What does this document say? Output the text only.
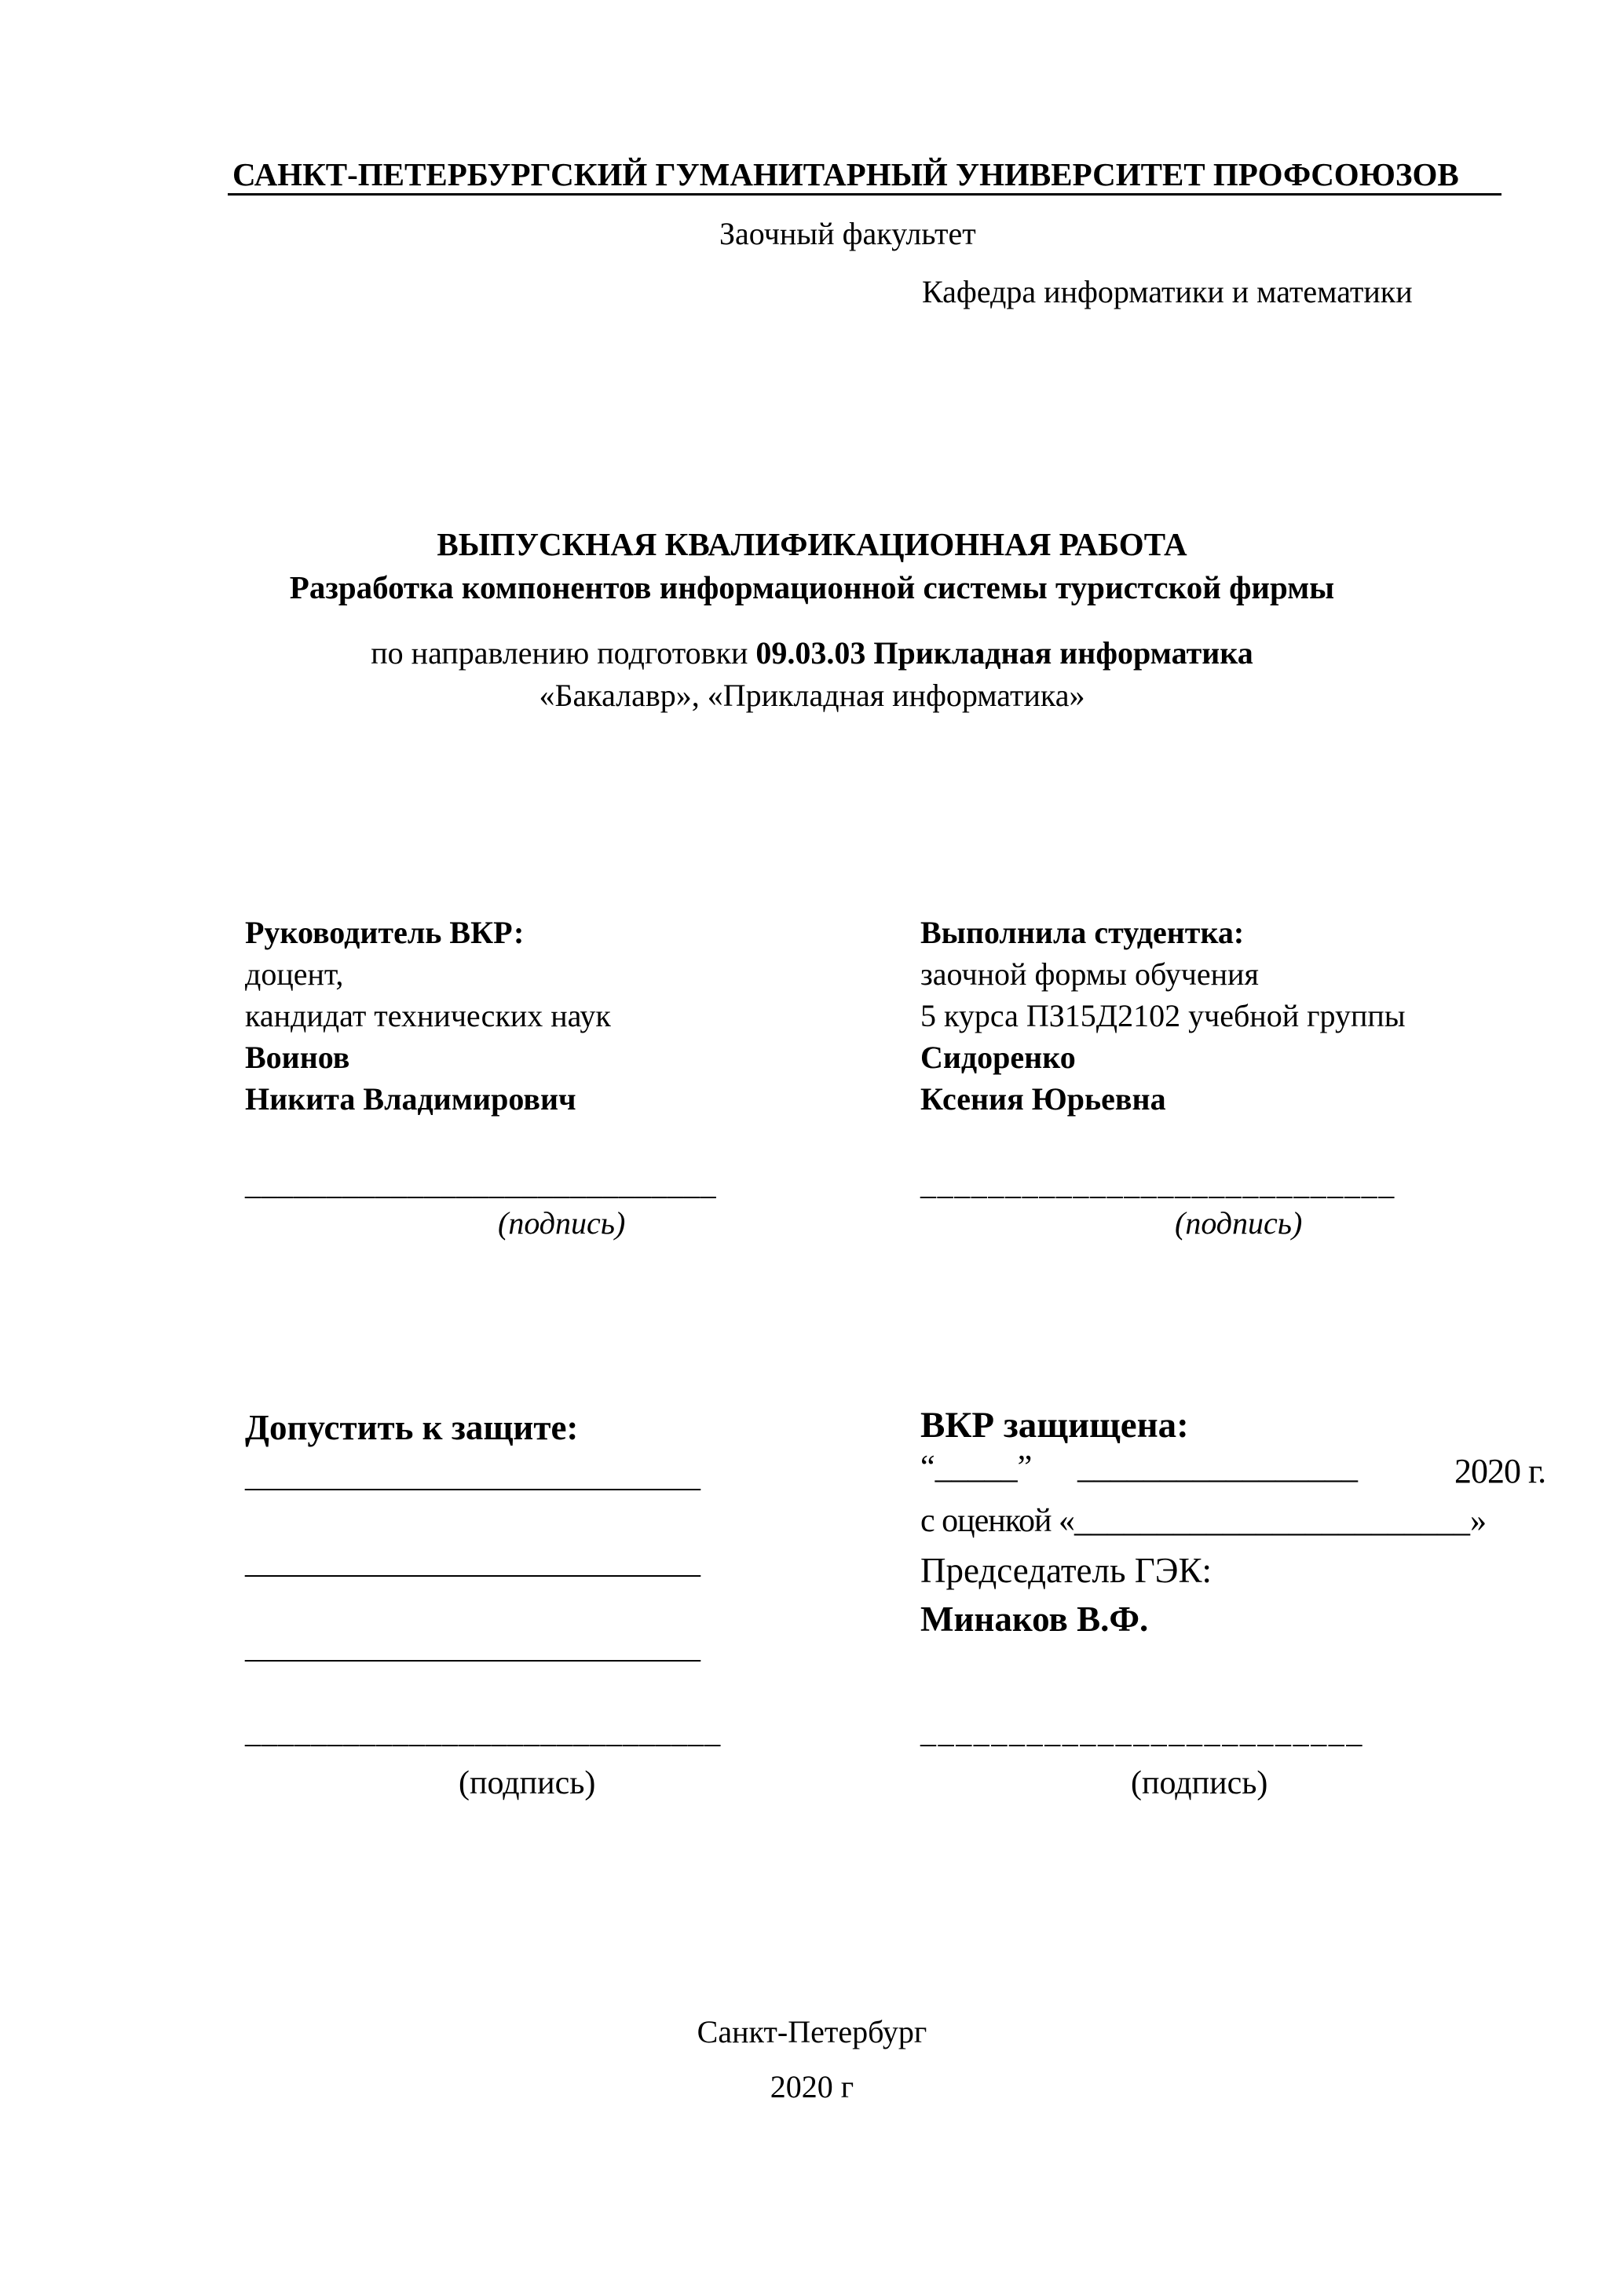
САНКТ-ПЕТЕРБУРГСКИЙ ГУМАНИТАРНЫЙ УНИВЕРСИТЕТ ПРОФСОЮЗОВ
Заочный факультет
Кафедра информатики и математики
ВЫПУСКНАЯ КВАЛИФИКАЦИОННАЯ РАБОТА
Разработка компонентов информационной системы туристской фирмы
по направлению подготовки 09.03.03 Прикладная информатика
«Бакалавр», «Прикладная информатика»
Руководитель ВКР:
доцент,
кандидат технических наук
Воинов
Никита Владимирович
_____________________________
(подпись)
Выполнила студентка:
заочной формы обучения
5 курса ПЗ15Д2102 учебной группы
Сидоренко
Ксения Юрьевна
____________________________
(подпись)
Допустить к защите:
_____________________________
_____________________________
_____________________________
_____________________________
(подпись)
ВКР защищена:
“_____” _________________	2020 г.
с оценкой «________________________»
Председатель ГЭК:
Минаков В.Ф.
_________________________
(подпись)
Санкт-Петербург
2020 г
